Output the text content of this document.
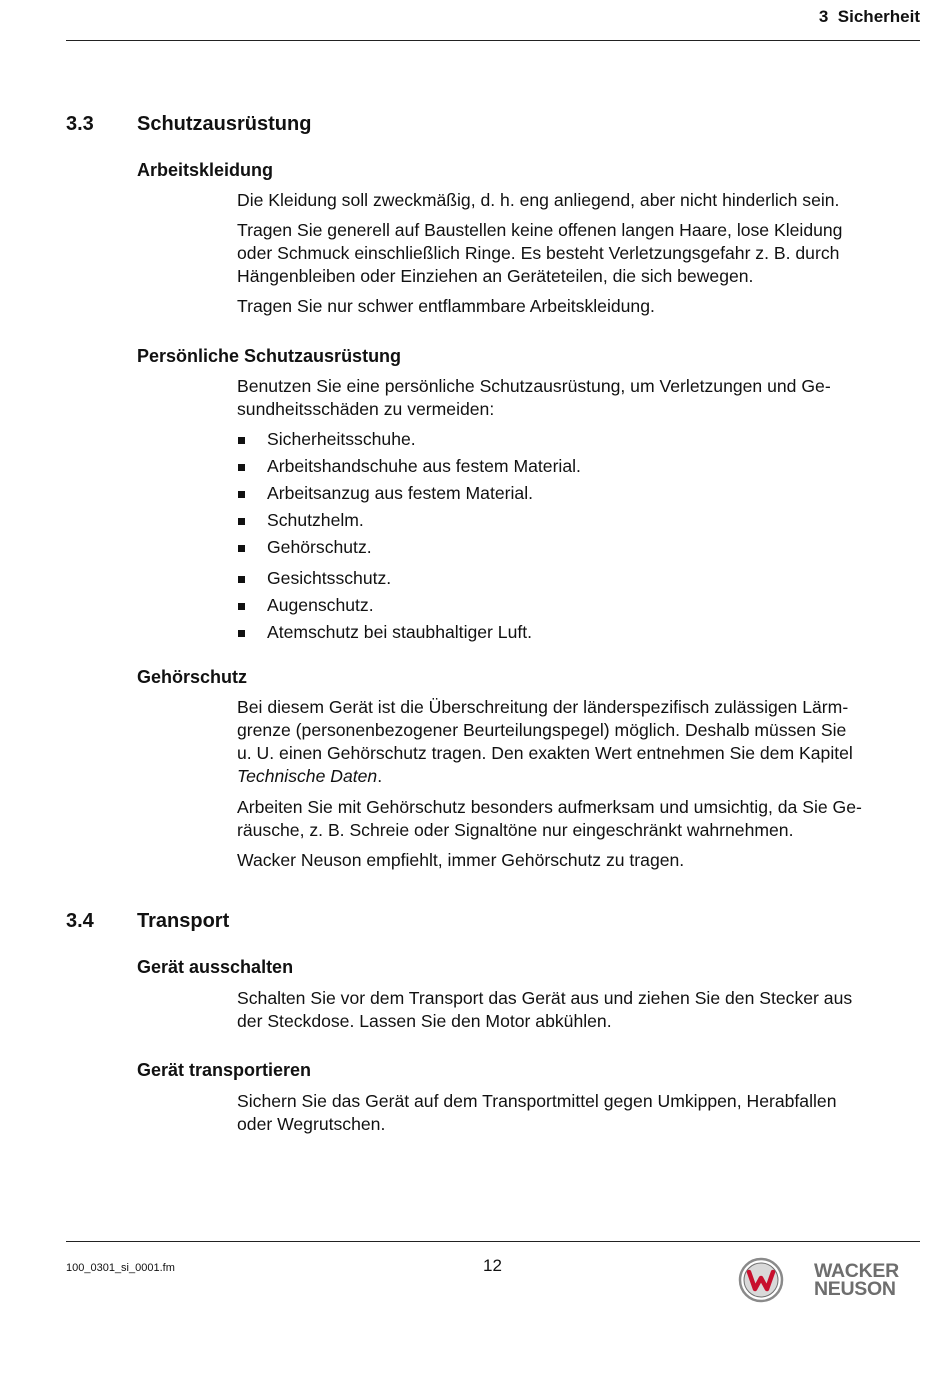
3  Sicherheit
3.3 Schutzausrüstung
Arbeitskleidung

Die Kleidung soll zweckmäßig, d. h. eng anliegend, aber nicht hinderlich sein.

Tragen Sie generell auf Baustellen keine offenen langen Haare, lose Kleidung
oder Schmuck einschließlich Ringe. Es besteht Verletzungsgefahr z. B. durch
Hängenbleiben oder Einziehen an Geräteteilen, die sich bewegen.

Tragen Sie nur schwer entflammbare Arbeitskleidung.

Persönliche Schutzausrüstung
Benutzen Sie eine persönliche Schutzausrüstung, um Verletzungen und Ge-
sundheitsschäden zu vermeiden:
Sicherheitsschuhe.
Arbeitshandschuhe aus festem Material.
Arbeitsanzug aus festem Material.
Schutzhelm.
Gehörschutz.
Gesichtsschutz.
Augenschutz.
Atemschutz bei staubhaltiger Luft.
Gehörschutz
Bei diesem Gerät ist die Überschreitung der länderspezifisch zulässigen Lärm-
grenze (personenbezogener Beurteilungspegel) möglich. Deshalb müssen Sie
u. U. einen Gehörschutz tragen. Den exakten Wert entnehmen Sie dem Kapitel
Technische Daten.
Arbeiten Sie mit Gehörschutz besonders aufmerksam und umsichtig, da Sie Ge-
räusche, z. B. Schreie oder Signaltöne nur eingeschränkt wahrnehmen.

Wacker Neuson empfiehlt, immer Gehörschutz zu tragen.

3.4 Transport
Gerät ausschalten
Schalten Sie vor dem Transport das Gerät aus und ziehen Sie den Stecker aus
der Steckdose. Lassen Sie den Motor abkühlen.
Gerät transportieren
Sichern Sie das Gerät auf dem Transportmittel gegen Umkippen, Herabfallen
oder Wegrutschen.
100_0301_si_0001.fm	12	WACKER
NEUSON
